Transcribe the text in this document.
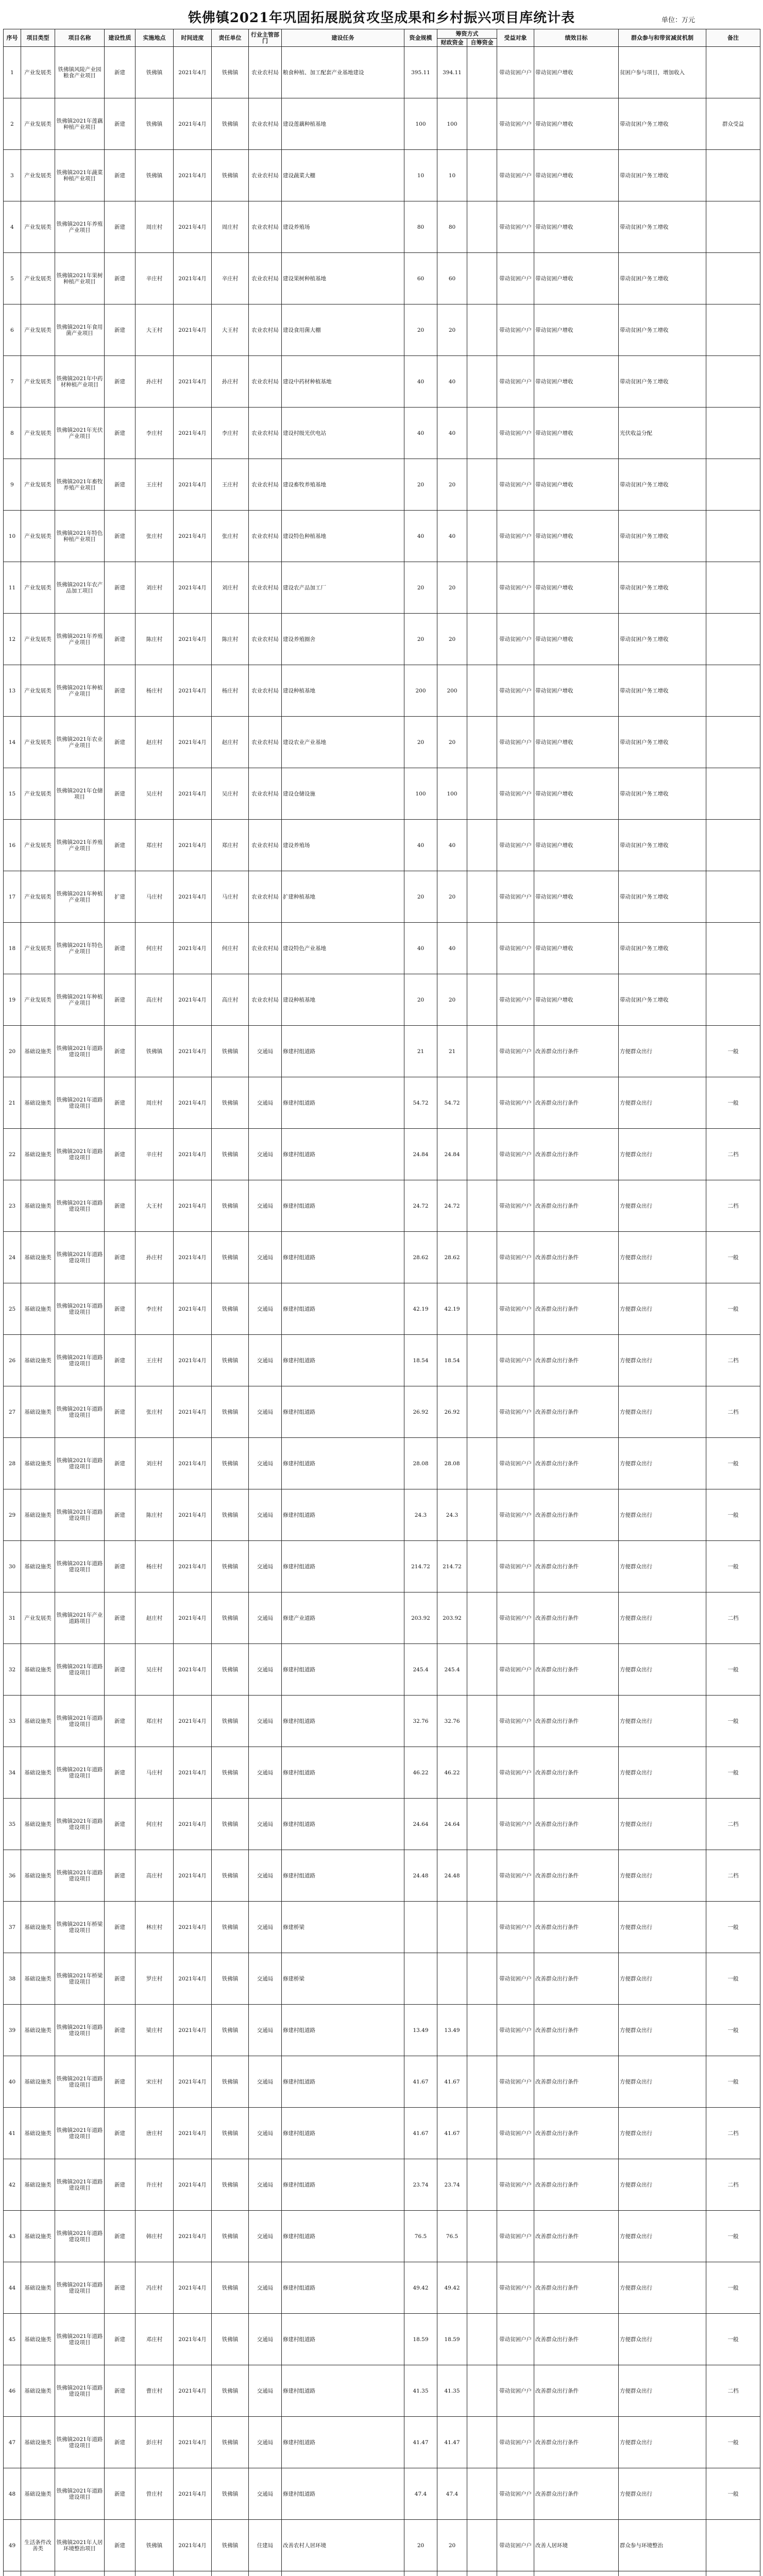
铁佛镇2021年巩固拓展脱贫攻坚成果和乡村振兴项目库统计表	单位：万元
序号	项目类型	项目名称	建设性质	实施地点	时间进度	责任单位	行业主管部门	建设任务	资金规模	筹资方式		受益对象	绩效目标	群众参与和带贫减贫机制	备注
										财政资金	自筹资金				
1	产业发展类	铁佛镇风陵产业园粮食产业项目	新建	铁佛镇	2021年4月	铁佛镇	农业农村局	粮食种植、加工配套产业基地建设	395.11	394.11		带动贫困户户	带动贫困户增收	贫困户参与项目，增加收入	
2	产业发展类	铁佛镇2021年莲藕种植产业项目	新建	铁佛镇	2021年4月	铁佛镇	农业农村局	建设莲藕种植基地	100	100		带动贫困户户	带动贫困户增收	带动贫困户务工增收	群众受益
3	产业发展类	铁佛镇2021年蔬菜种植产业项目	新建	铁佛镇	2021年4月	铁佛镇	农业农村局	建设蔬菜大棚	10	10		带动贫困户户	带动贫困户增收	带动贫困户务工增收	
4	产业发展类	铁佛镇2021年养殖产业项目	新建	周庄村	2021年4月	周庄村	农业农村局	建设养殖场	80	80		带动贫困户户	带动贫困户增收	带动贫困户务工增收	
5	产业发展类	铁佛镇2021年果树种植产业项目	新建	辛庄村	2021年4月	辛庄村	农业农村局	建设果树种植基地	60	60		带动贫困户户	带动贫困户增收	带动贫困户务工增收	
6	产业发展类	铁佛镇2021年食用菌产业项目	新建	大王村	2021年4月	大王村	农业农村局	建设食用菌大棚	20	20		带动贫困户户	带动贫困户增收	带动贫困户务工增收	
7	产业发展类	铁佛镇2021年中药材种植产业项目	新建	孙庄村	2021年4月	孙庄村	农业农村局	建设中药材种植基地	40	40		带动贫困户户	带动贫困户增收	带动贫困户务工增收	
8	产业发展类	铁佛镇2021年光伏产业项目	新建	李庄村	2021年4月	李庄村	农业农村局	建设村级光伏电站	40	40		带动贫困户户	带动贫困户增收	光伏收益分配	
9	产业发展类	铁佛镇2021年畜牧养殖产业项目	新建	王庄村	2021年4月	王庄村	农业农村局	建设畜牧养殖基地	20	20		带动贫困户户	带动贫困户增收	带动贫困户务工增收	
10	产业发展类	铁佛镇2021年特色种植产业项目	新建	张庄村	2021年4月	张庄村	农业农村局	建设特色种植基地	40	40		带动贫困户户	带动贫困户增收	带动贫困户务工增收	
11	产业发展类	铁佛镇2021年农产品加工项目	新建	刘庄村	2021年4月	刘庄村	农业农村局	建设农产品加工厂	20	20		带动贫困户户	带动贫困户增收	带动贫困户务工增收	
12	产业发展类	铁佛镇2021年养殖产业项目	新建	陈庄村	2021年4月	陈庄村	农业农村局	建设养殖圈舍	20	20		带动贫困户户	带动贫困户增收	带动贫困户务工增收	
13	产业发展类	铁佛镇2021年种植产业项目	新建	杨庄村	2021年4月	杨庄村	农业农村局	建设种植基地	200	200		带动贫困户户	带动贫困户增收	带动贫困户务工增收	
14	产业发展类	铁佛镇2021年农业产业项目	新建	赵庄村	2021年4月	赵庄村	农业农村局	建设农业产业基地	20	20		带动贫困户户	带动贫困户增收	带动贫困户务工增收	
15	产业发展类	铁佛镇2021年仓储项目	新建	吴庄村	2021年4月	吴庄村	农业农村局	建设仓储设施	100	100		带动贫困户户	带动贫困户增收	带动贫困户务工增收	
16	产业发展类	铁佛镇2021年养殖产业项目	新建	郑庄村	2021年4月	郑庄村	农业农村局	建设养殖场	40	40		带动贫困户户	带动贫困户增收	带动贫困户务工增收	
17	产业发展类	铁佛镇2021年种植产业项目	扩建	马庄村	2021年4月	马庄村	农业农村局	扩建种植基地	20	20		带动贫困户户	带动贫困户增收	带动贫困户务工增收	
18	产业发展类	铁佛镇2021年特色产业项目	新建	何庄村	2021年4月	何庄村	农业农村局	建设特色产业基地	40	40		带动贫困户户	带动贫困户增收	带动贫困户务工增收	
19	产业发展类	铁佛镇2021年种植产业项目	新建	高庄村	2021年4月	高庄村	农业农村局	建设种植基地	20	20		带动贫困户户	带动贫困户增收	带动贫困户务工增收	
20	基础设施类	铁佛镇2021年道路建设项目	新建	铁佛镇	2021年4月	铁佛镇	交通局	修建村组道路	21	21		带动贫困户户	改善群众出行条件	方便群众出行	一般
21	基础设施类	铁佛镇2021年道路建设项目	新建	周庄村	2021年4月	铁佛镇	交通局	修建村组道路	54.72	54.72		带动贫困户户	改善群众出行条件	方便群众出行	一般
22	基础设施类	铁佛镇2021年道路建设项目	新建	辛庄村	2021年4月	铁佛镇	交通局	修建村组道路	24.84	24.84		带动贫困户户	改善群众出行条件	方便群众出行	二档
23	基础设施类	铁佛镇2021年道路建设项目	新建	大王村	2021年4月	铁佛镇	交通局	修建村组道路	24.72	24.72		带动贫困户户	改善群众出行条件	方便群众出行	二档
24	基础设施类	铁佛镇2021年道路建设项目	新建	孙庄村	2021年4月	铁佛镇	交通局	修建村组道路	28.62	28.62		带动贫困户户	改善群众出行条件	方便群众出行	一般
25	基础设施类	铁佛镇2021年道路建设项目	新建	李庄村	2021年4月	铁佛镇	交通局	修建村组道路	42.19	42.19		带动贫困户户	改善群众出行条件	方便群众出行	一般
26	基础设施类	铁佛镇2021年道路建设项目	新建	王庄村	2021年4月	铁佛镇	交通局	修建村组道路	18.54	18.54		带动贫困户户	改善群众出行条件	方便群众出行	二档
27	基础设施类	铁佛镇2021年道路建设项目	新建	张庄村	2021年4月	铁佛镇	交通局	修建村组道路	26.92	26.92		带动贫困户户	改善群众出行条件	方便群众出行	二档
28	基础设施类	铁佛镇2021年道路建设项目	新建	刘庄村	2021年4月	铁佛镇	交通局	修建村组道路	28.08	28.08		带动贫困户户	改善群众出行条件	方便群众出行	一般
29	基础设施类	铁佛镇2021年道路建设项目	新建	陈庄村	2021年4月	铁佛镇	交通局	修建村组道路	24.3	24.3		带动贫困户户	改善群众出行条件	方便群众出行	一般
30	基础设施类	铁佛镇2021年道路建设项目	新建	杨庄村	2021年4月	铁佛镇	交通局	修建村组道路	214.72	214.72		带动贫困户户	改善群众出行条件	方便群众出行	一般
31	产业发展类	铁佛镇2021年产业道路项目	新建	赵庄村	2021年4月	铁佛镇	交通局	修建产业道路	203.92	203.92		带动贫困户户	改善群众出行条件	方便群众出行	二档
32	基础设施类	铁佛镇2021年道路建设项目	新建	吴庄村	2021年4月	铁佛镇	交通局	修建村组道路	245.4	245.4		带动贫困户户	改善群众出行条件	方便群众出行	一般
33	基础设施类	铁佛镇2021年道路建设项目	新建	郑庄村	2021年4月	铁佛镇	交通局	修建村组道路	32.76	32.76		带动贫困户户	改善群众出行条件	方便群众出行	一般
34	基础设施类	铁佛镇2021年道路建设项目	新建	马庄村	2021年4月	铁佛镇	交通局	修建村组道路	46.22	46.22		带动贫困户户	改善群众出行条件	方便群众出行	一般
35	基础设施类	铁佛镇2021年道路建设项目	新建	何庄村	2021年4月	铁佛镇	交通局	修建村组道路	24.64	24.64		带动贫困户户	改善群众出行条件	方便群众出行	二档
36	基础设施类	铁佛镇2021年道路建设项目	新建	高庄村	2021年4月	铁佛镇	交通局	修建村组道路	24.48	24.48		带动贫困户户	改善群众出行条件	方便群众出行	二档
37	基础设施类	铁佛镇2021年桥梁建设项目	新建	林庄村	2021年4月	铁佛镇	交通局	修建桥梁				带动贫困户户	改善群众出行条件	方便群众出行	一般
38	基础设施类	铁佛镇2021年桥梁建设项目	新建	罗庄村	2021年4月	铁佛镇	交通局	修建桥梁				带动贫困户户	改善群众出行条件	方便群众出行	一般
39	基础设施类	铁佛镇2021年道路建设项目	新建	梁庄村	2021年4月	铁佛镇	交通局	修建村组道路	13.49	13.49		带动贫困户户	改善群众出行条件	方便群众出行	一般
40	基础设施类	铁佛镇2021年道路建设项目	新建	宋庄村	2021年4月	铁佛镇	交通局	修建村组道路	41.67	41.67		带动贫困户户	改善群众出行条件	方便群众出行	一般
41	基础设施类	铁佛镇2021年道路建设项目	新建	唐庄村	2021年4月	铁佛镇	交通局	修建村组道路	41.67	41.67		带动贫困户户	改善群众出行条件	方便群众出行	二档
42	基础设施类	铁佛镇2021年道路建设项目	新建	许庄村	2021年4月	铁佛镇	交通局	修建村组道路	23.74	23.74		带动贫困户户	改善群众出行条件	方便群众出行	二档
43	基础设施类	铁佛镇2021年道路建设项目	新建	韩庄村	2021年4月	铁佛镇	交通局	修建村组道路	76.5	76.5		带动贫困户户	改善群众出行条件	方便群众出行	一般
44	基础设施类	铁佛镇2021年道路建设项目	新建	冯庄村	2021年4月	铁佛镇	交通局	修建村组道路	49.42	49.42		带动贫困户户	改善群众出行条件	方便群众出行	一般
45	基础设施类	铁佛镇2021年道路建设项目	新建	邓庄村	2021年4月	铁佛镇	交通局	修建村组道路	18.59	18.59		带动贫困户户	改善群众出行条件	方便群众出行	一般
46	基础设施类	铁佛镇2021年道路建设项目	新建	曹庄村	2021年4月	铁佛镇	交通局	修建村组道路	41.35	41.35		带动贫困户户	改善群众出行条件	方便群众出行	二档
47	基础设施类	铁佛镇2021年道路建设项目	新建	彭庄村	2021年4月	铁佛镇	交通局	修建村组道路	41.47	41.47		带动贫困户户	改善群众出行条件	方便群众出行	一般
48	基础设施类	铁佛镇2021年道路建设项目	新建	曾庄村	2021年4月	铁佛镇	交通局	修建村组道路	47.4	47.4		带动贫困户户	改善群众出行条件	方便群众出行	一般
49	生活条件改善类	铁佛镇2021年人居环境整治项目	新建	铁佛镇	2021年4月	铁佛镇	住建局	改善农村人居环境	20	20		带动贫困户户	改善人居环境	群众参与环境整治	
